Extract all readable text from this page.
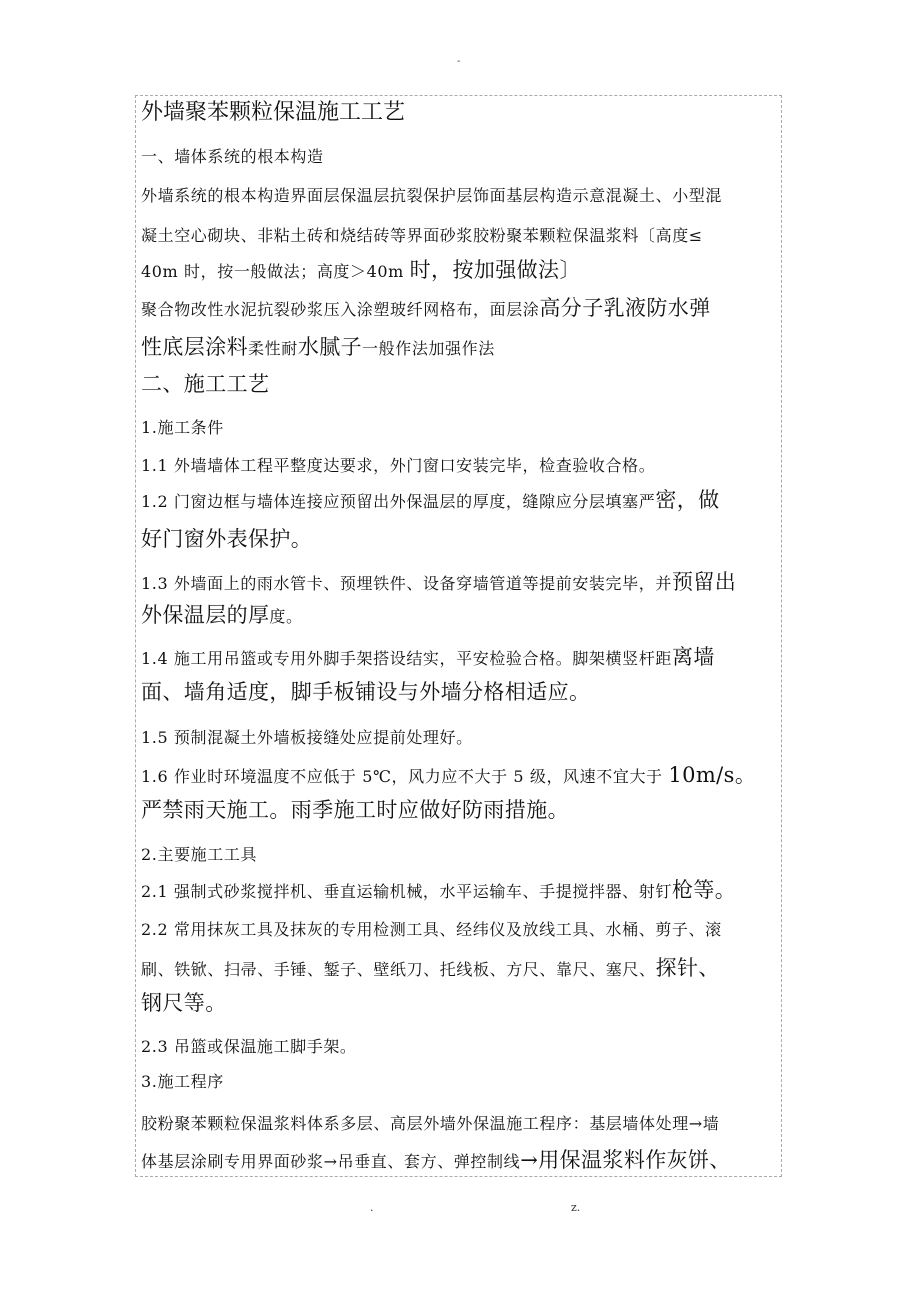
-
外墙聚苯颗粒保温施工工艺
一、墙体系统的根本构造
外墙系统的根本构造界面层保温层抗裂保护层饰面基层构造示意混凝土、小型混
凝土空心砌块、非粘土砖和烧结砖等界面砂浆胶粉聚苯颗粒保温浆料〔高度≤
40m 时，按一般做法；高度＞40m 时，按加强做法〕
聚合物改性水泥抗裂砂浆压入涂塑玻纤网格布，面层涂高分子乳液防水弹
性底层涂料柔性耐水腻子一般作法加强作法
二、施工工艺
1.施工条件
1.1 外墙墙体工程平整度达要求，外门窗口安装完毕，检查验收合格。
1.2 门窗边框与墙体连接应预留出外保温层的厚度，缝隙应分层填塞严密，做
好门窗外表保护。
1.3 外墙面上的雨水管卡、预埋铁件、设备穿墙管道等提前安装完毕，并预留出
外保温层的厚度。
1.4 施工用吊篮或专用外脚手架搭设结实，平安检验合格。脚架横竖杆距离墙
面、墙角适度，脚手板铺设与外墙分格相适应。
1.5 预制混凝土外墙板接缝处应提前处理好。
1.6 作业时环境温度不应低于 5℃，风力应不大于 5 级，风速不宜大于 10m/s。
严禁雨天施工。雨季施工时应做好防雨措施。
2.主要施工工具
2.1 强制式砂浆搅拌机、垂直运输机械，水平运输车、手提搅拌器、射钉枪等。
2.2 常用抹灰工具及抹灰的专用检测工具、经纬仪及放线工具、水桶、剪子、滚
刷、铁锨、扫帚、手锤、錾子、壁纸刀、托线板、方尺、靠尺、塞尺、探针、
钢尺等。
2.3 吊篮或保温施工脚手架。
3.施工程序
胶粉聚苯颗粒保温浆料体系多层、高层外墙外保温施工程序：基层墙体处理→墙
体基层涂刷专用界面砂浆→吊垂直、套方、弹控制线→用保温浆料作灰饼、
.	z.
